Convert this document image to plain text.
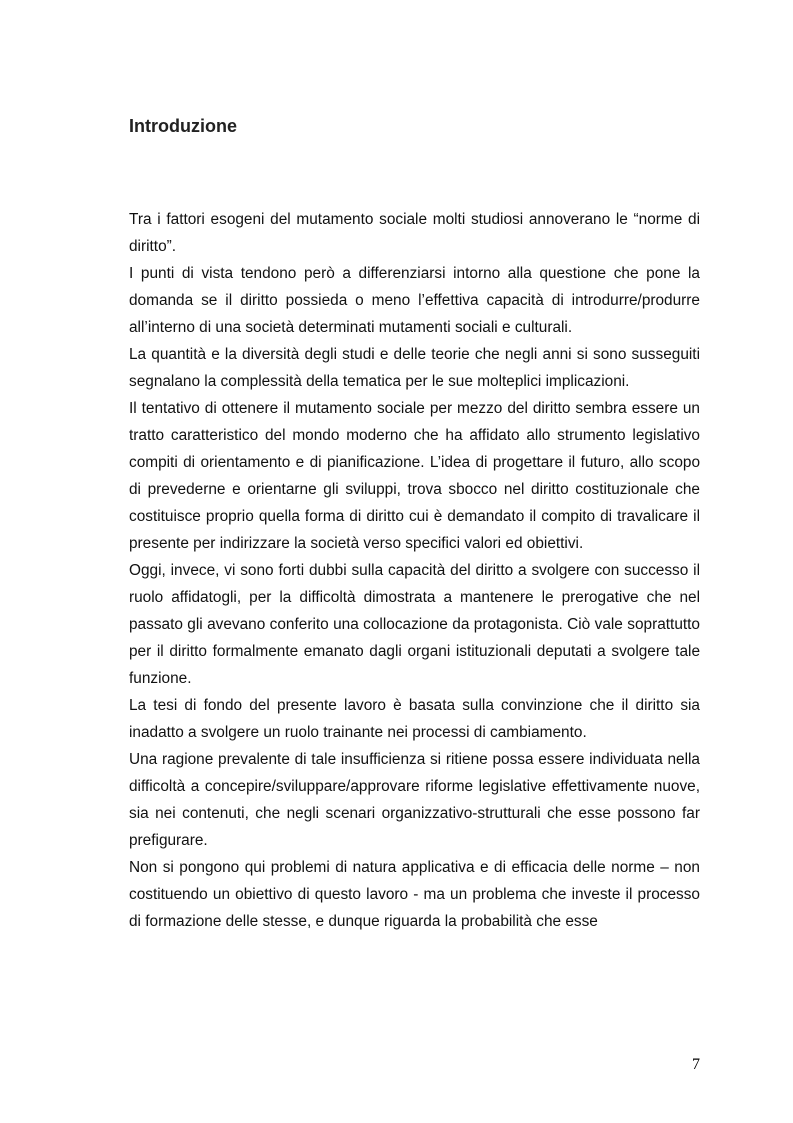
Introduzione

Tra i fattori esogeni del mutamento sociale molti studiosi annoverano le “norme di diritto”.

I punti di vista tendono però a differenziarsi intorno alla questione che pone la domanda se il diritto possieda o meno l’effettiva capacità di introdurre/produrre all’interno di una società determinati mutamenti sociali e culturali.

La quantità e la diversità degli studi e delle teorie che negli anni si sono susseguiti segnalano la complessità della tematica per le sue molteplici implicazioni.

Il tentativo di ottenere il mutamento sociale per mezzo del diritto sembra essere un tratto caratteristico del mondo moderno che ha affidato allo strumento legislativo compiti di orientamento e di pianificazione. L’idea di progettare il futuro, allo scopo di prevederne e orientarne gli sviluppi, trova sbocco nel diritto costituzionale che costituisce proprio quella forma di diritto cui è demandato il compito di travalicare il presente per indirizzare la società verso specifici valori ed obiettivi.

Oggi, invece, vi sono forti dubbi sulla capacità del diritto a svolgere con successo il ruolo affidatogli, per la difficoltà dimostrata a mantenere le prerogative che nel passato gli avevano conferito una collocazione da protagonista. Ciò vale soprattutto per il diritto formalmente emanato dagli organi istituzionali deputati a svolgere tale funzione.

La tesi di fondo del presente lavoro è basata sulla convinzione che il diritto sia inadatto a svolgere un ruolo trainante nei processi di cambiamento.

Una ragione prevalente di tale insufficienza si ritiene possa essere individuata nella difficoltà a concepire/sviluppare/approvare riforme legislative effettivamente nuove, sia nei contenuti, che negli scenari organizzativo-strutturali che esse possono far prefigurare.

Non si pongono qui problemi di natura applicativa e di efficacia delle norme – non costituendo un obiettivo di questo lavoro - ma un problema che investe il processo di formazione delle stesse, e dunque riguarda la probabilità che esse

7
